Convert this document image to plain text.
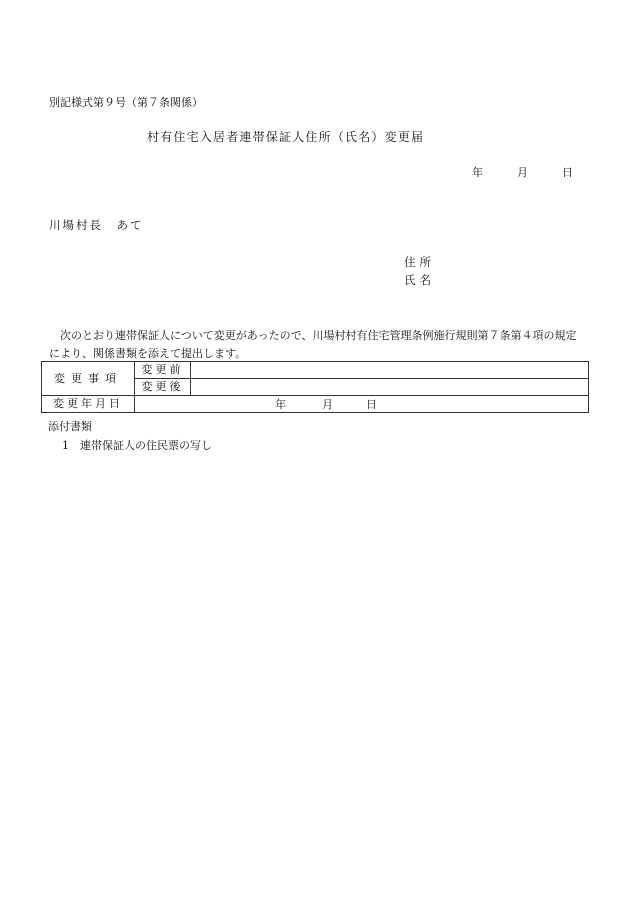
別記様式第９号（第７条関係）
村有住宅入居者連帯保証人住所（氏名）変更届
年	月	日
川場村長　あて
住所
氏名
次のとおり連帯保証人について変更があったので、川場村村有住宅管理条例施行規則第７条第４項の規定により、関係書類を添えて提出します。
変更事項	変更前	
	変更後	
変更年月日	年 月 日	
添付書類
1　連帯保証人の住民票の写し
